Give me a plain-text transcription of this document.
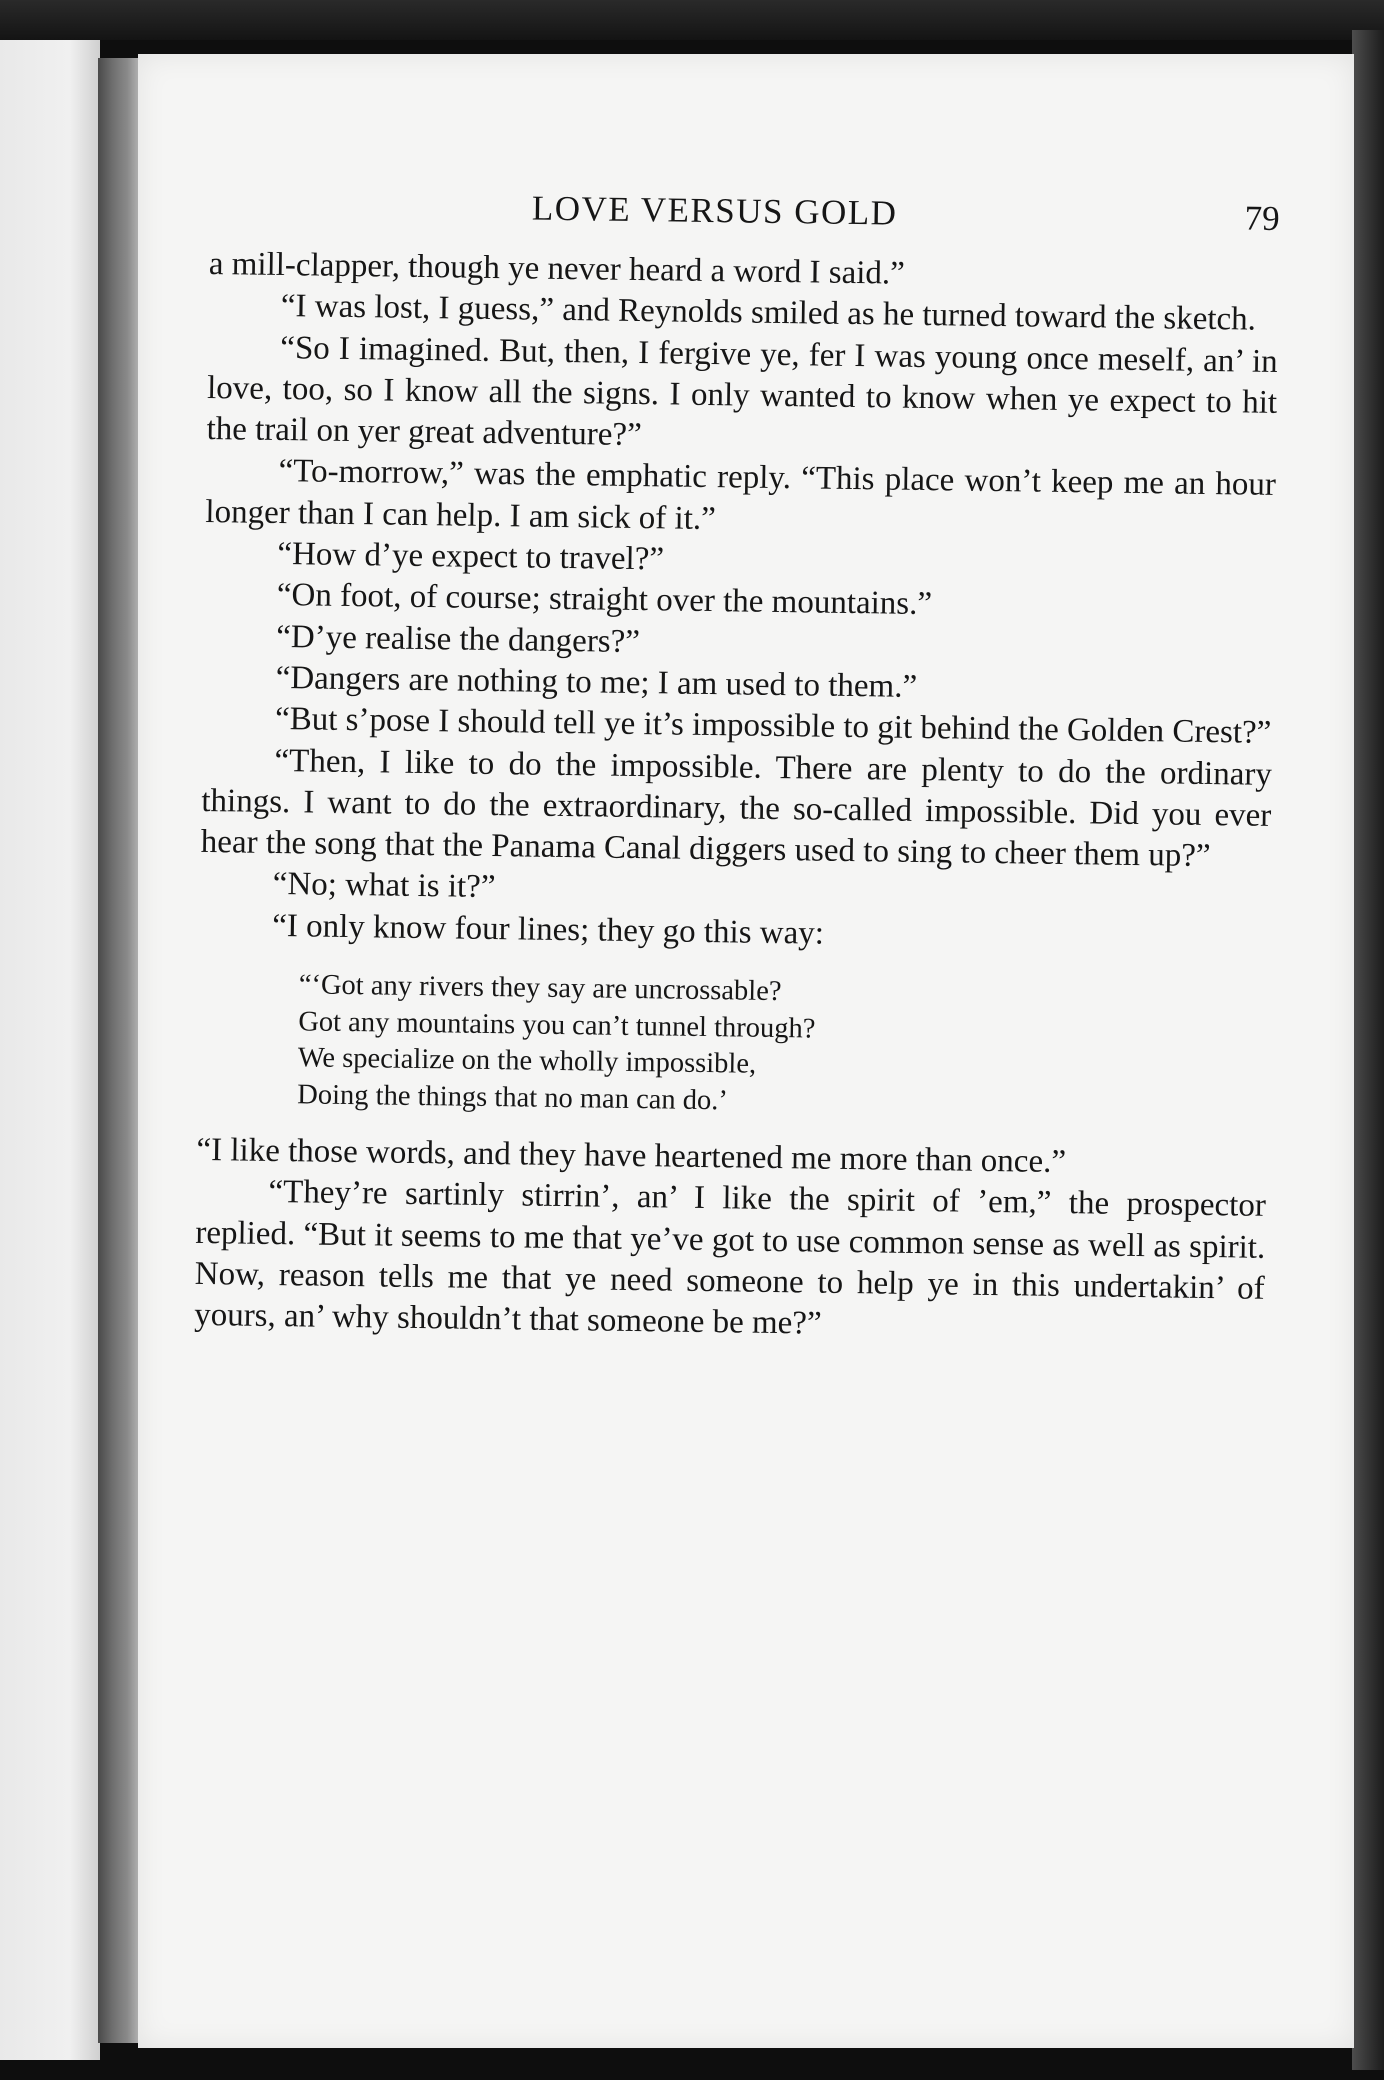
LOVE VERSUS GOLD	79

a mill-clapper, though ye never heard a word I said.”

“I was lost, I guess,” and Reynolds smiled as he turned toward the sketch.

“So I imagined. But, then, I fergive ye, fer I was young once meself, an’ in love, too, so I know all the signs. I only wanted to know when ye expect to hit the trail on yer great adventure?”

“To-morrow,” was the emphatic reply. “This place won’t keep me an hour longer than I can help. I am sick of it.”

“How d’ye expect to travel?”

“On foot, of course; straight over the mountains.”

“D’ye realise the dangers?”

“Dangers are nothing to me; I am used to them.”

“But s’pose I should tell ye it’s impossible to git behind the Golden Crest?”

“Then, I like to do the impossible. There are plenty to do the ordinary things. I want to do the extraordinary, the so-called impossible. Did you ever hear the song that the Panama Canal diggers used to sing to cheer them up?”

“No; what is it?”

“I only know four lines; they go this way:

“‘Got any rivers they say are uncrossable?
Got any mountains you can’t tunnel through?
We specialize on the wholly impossible,
Doing the things that no man can do.’

“I like those words, and they have heartened me more than once.”

“They’re sartinly stirrin’, an’ I like the spirit of ’em,” the prospector replied. “But it seems to me that ye’ve got to use common sense as well as spirit. Now, reason tells me that ye need someone to help ye in this undertakin’ of yours, an’ why shouldn’t that someone be me?”
